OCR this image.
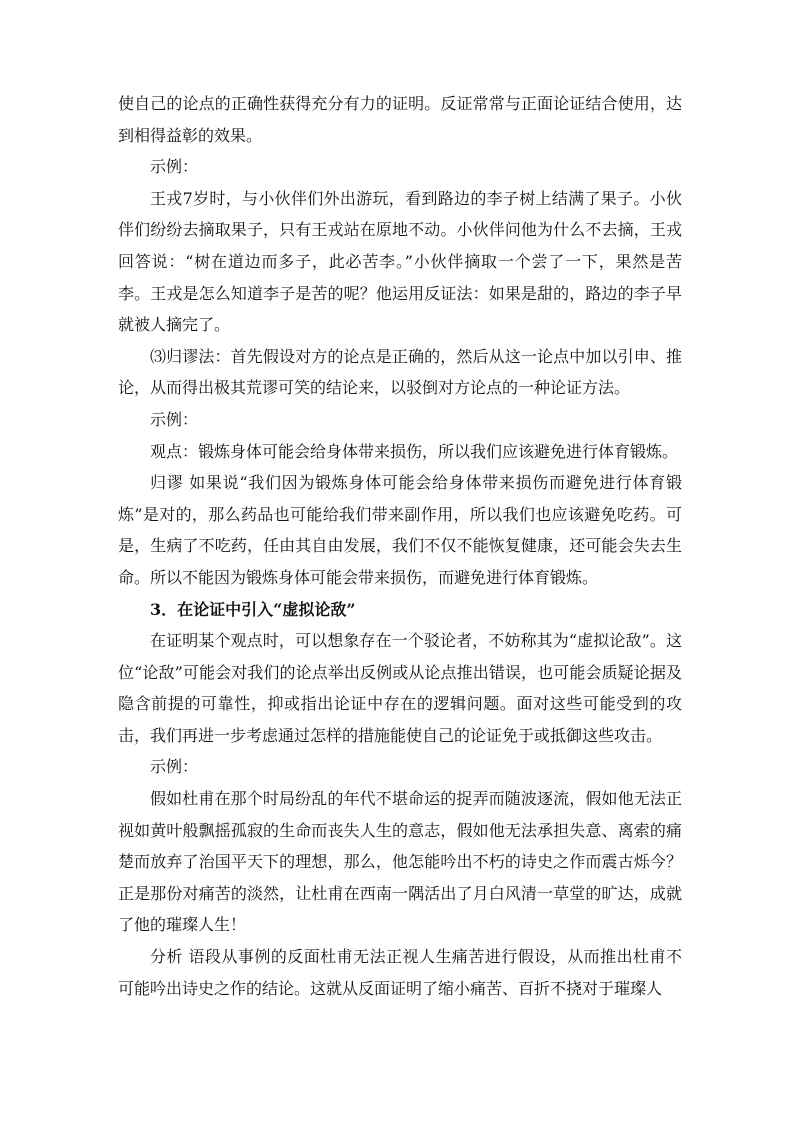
使自己的论点的正确性获得充分有力的证明。反证常常与正面论证结合使用，达到相得益彰的效果。

示例：

王戎7岁时，与小伙伴们外出游玩，看到路边的李子树上结满了果子。小伙伴们纷纷去摘取果子，只有王戎站在原地不动。小伙伴问他为什么不去摘，王戎回答说：“树在道边而多子，此必苦李。”小伙伴摘取一个尝了一下，果然是苦李。王戎是怎么知道李子是苦的呢？他运用反证法：如果是甜的，路边的李子早就被人摘完了。

⑶归谬法：首先假设对方的论点是正确的，然后从这一论点中加以引申、推论，从而得出极其荒谬可笑的结论来，以驳倒对方论点的一种论证方法。

示例：

观点：锻炼身体可能会给身体带来损伤，所以我们应该避免进行体育锻炼。

归谬 如果说“我们因为锻炼身体可能会给身体带来损伤而避免进行体育锻炼”是对的，那么药品也可能给我们带来副作用，所以我们也应该避免吃药。可是，生病了不吃药，任由其自由发展，我们不仅不能恢复健康，还可能会失去生命。所以不能因为锻炼身体可能会带来损伤，而避免进行体育锻炼。

3．在论证中引入“虚拟论敌”

在证明某个观点时，可以想象存在一个驳论者，不妨称其为“虚拟论敌”。这位“论敌”可能会对我们的论点举出反例或从论点推出错误，也可能会质疑论据及隐含前提的可靠性，抑或指出论证中存在的逻辑问题。面对这些可能受到的攻击，我们再进一步考虑通过怎样的措施能使自己的论证免于或抵御这些攻击。

示例：

假如杜甫在那个时局纷乱的年代不堪命运的捉弄而随波逐流，假如他无法正视如黄叶般飘摇孤寂的生命而丧失人生的意志，假如他无法承担失意、离索的痛楚而放弃了治国平天下的理想，那么，他怎能吟出不朽的诗史之作而震古烁今？正是那份对痛苦的淡然，让杜甫在西南一隅活出了月白风清一草堂的旷达，成就了他的璀璨人生！

分析 语段从事例的反面杜甫无法正视人生痛苦进行假设，从而推出杜甫不可能吟出诗史之作的结论。这就从反面证明了缩小痛苦、百折不挠对于璀璨人
